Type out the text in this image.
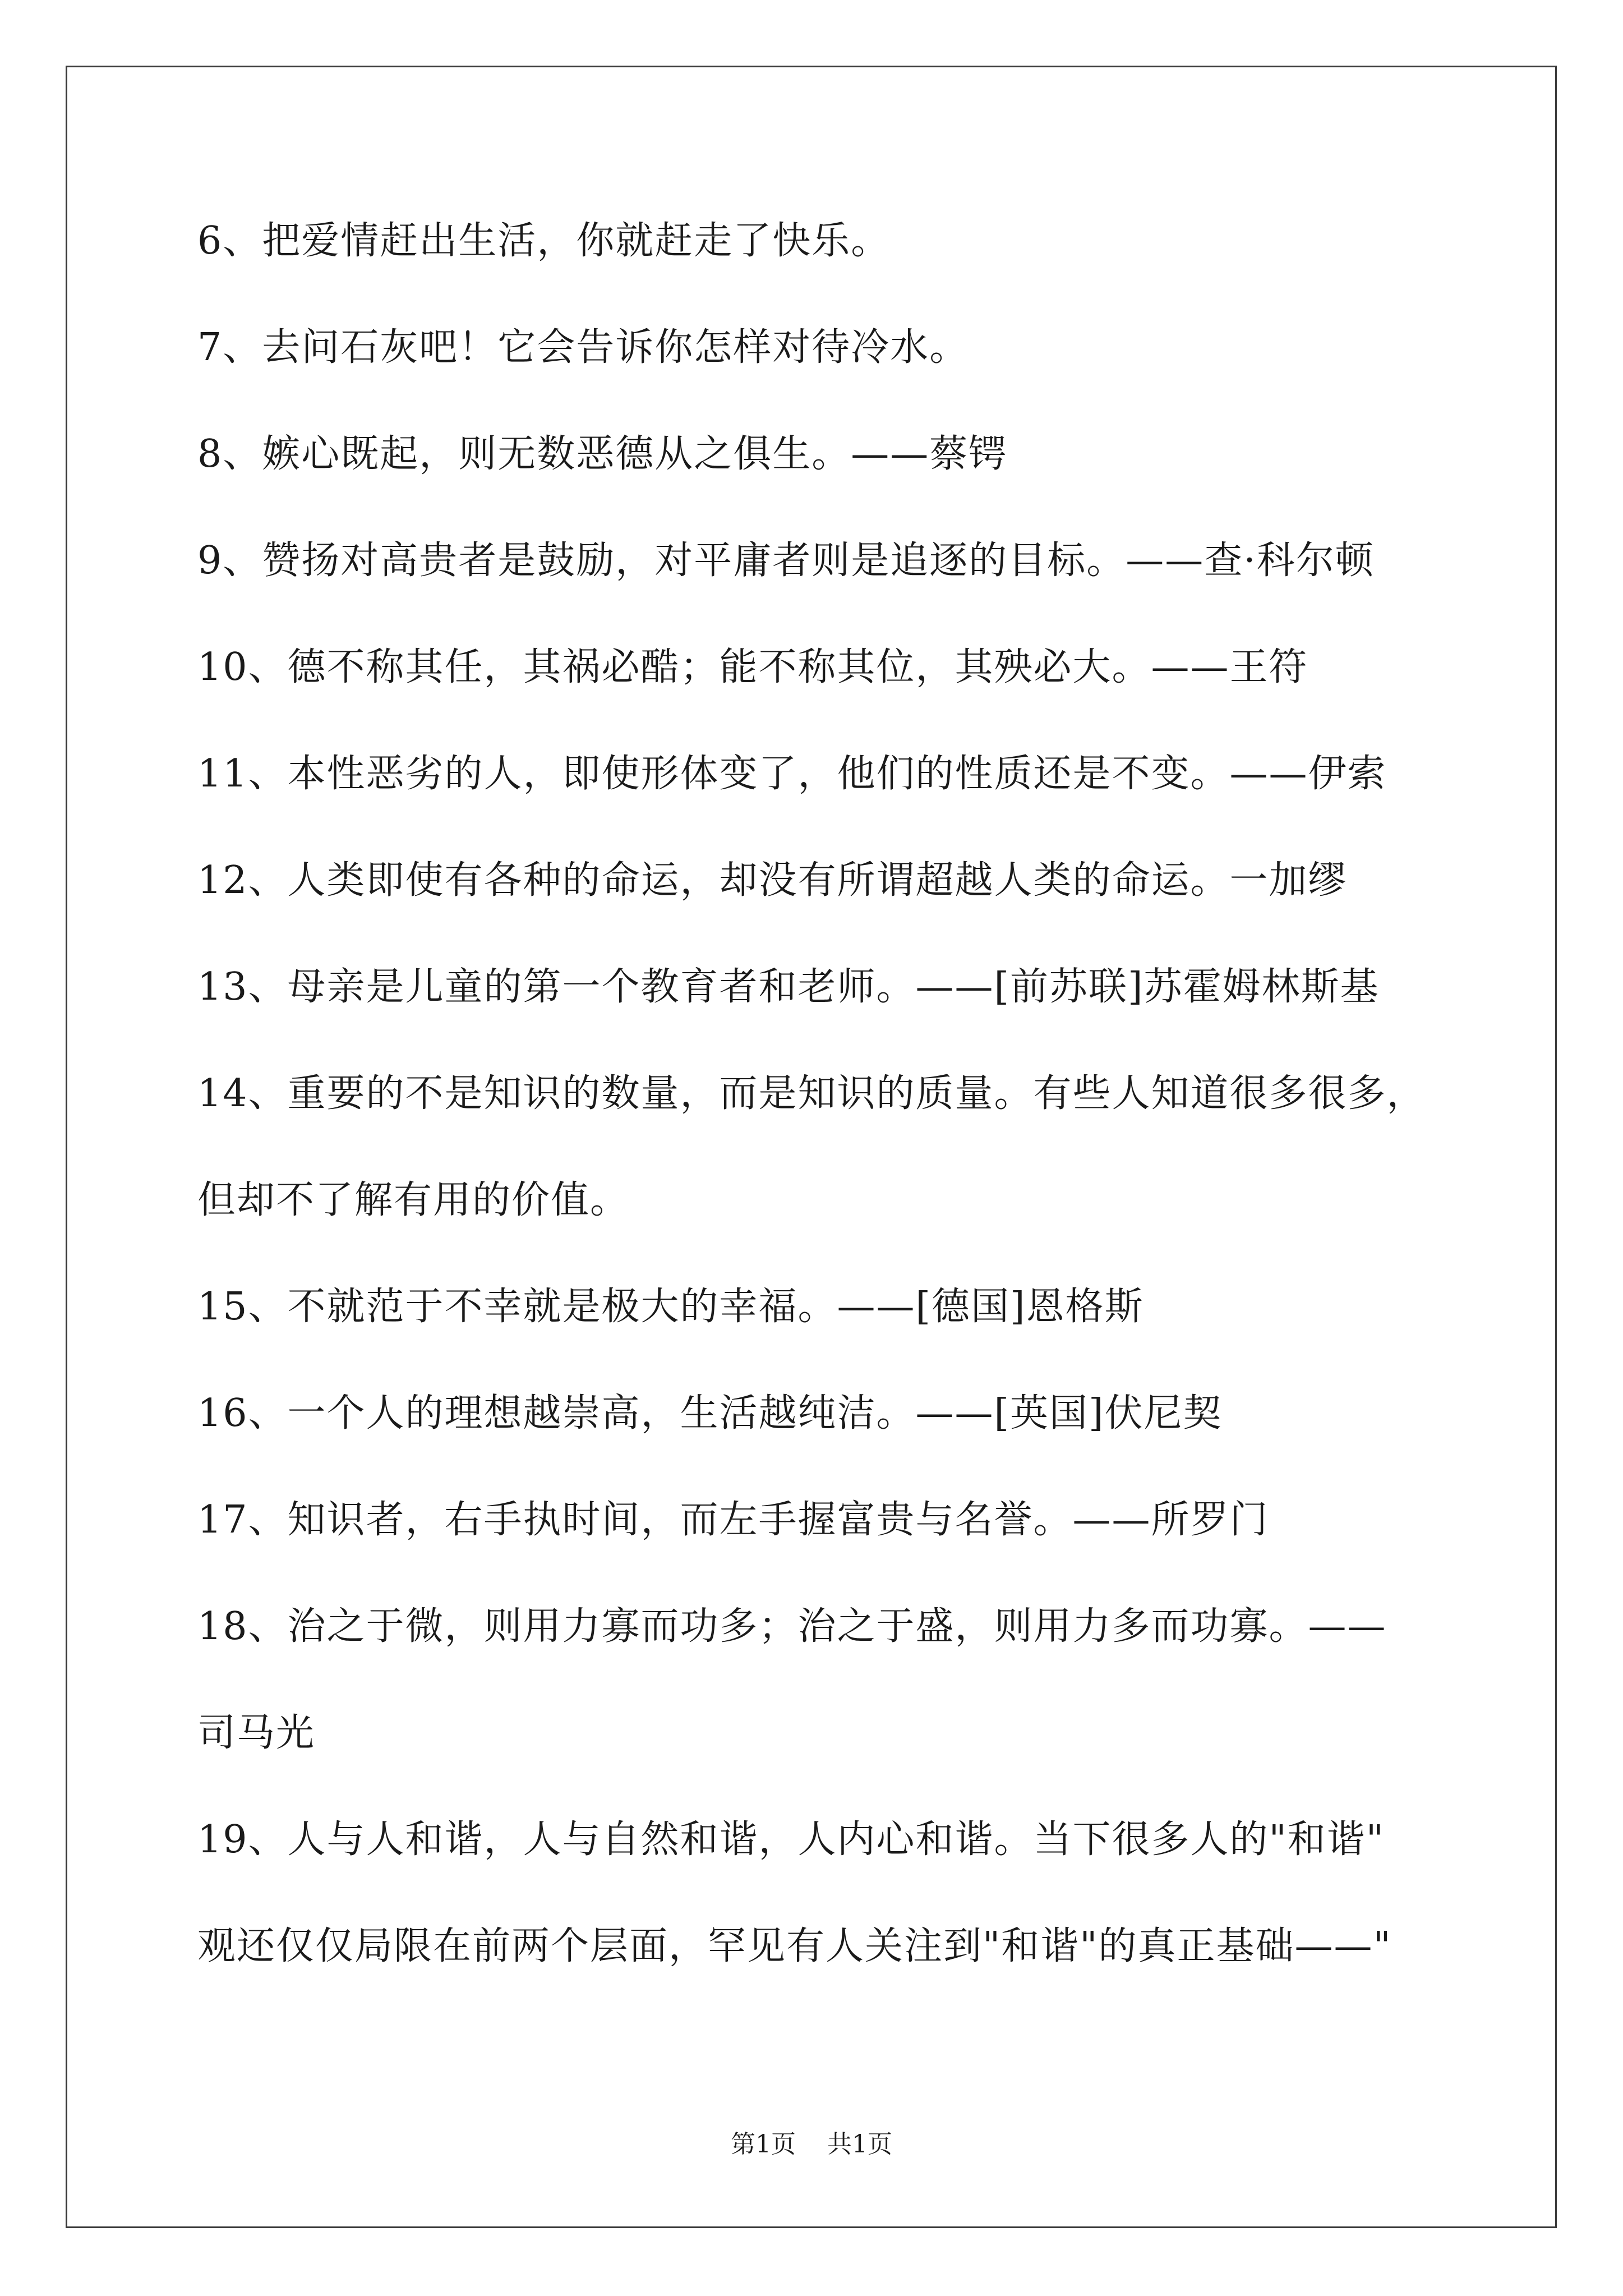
6、把爱情赶出生活，你就赶走了快乐。
7、去问石灰吧！它会告诉你怎样对待冷水。
8、嫉心既起，则无数恶德从之俱生。——蔡锷
9、赞扬对高贵者是鼓励，对平庸者则是追逐的目标。——查·科尔顿
10、德不称其任，其祸必酷；能不称其位，其殃必大。——王符
11、本性恶劣的人，即使形体变了，他们的性质还是不变。——伊索
12、人类即使有各种的命运，却没有所谓超越人类的命运。一加缪
13、母亲是儿童的第一个教育者和老师。——[前苏联]苏霍姆林斯基
14、重要的不是知识的数量，而是知识的质量。有些人知道很多很多，
但却不了解有用的价值。
15、不就范于不幸就是极大的幸福。——[德国]恩格斯
16、一个人的理想越崇高，生活越纯洁。——[英国]伏尼契
17、知识者，右手执时间，而左手握富贵与名誉。——所罗门
18、治之于微，则用力寡而功多；治之于盛，则用力多而功寡。——
司马光
19、人与人和谐，人与自然和谐，人内心和谐。当下很多人的"和谐"
观还仅仅局限在前两个层面，罕见有人关注到"和谐"的真正基础——"
第1页 共1页
